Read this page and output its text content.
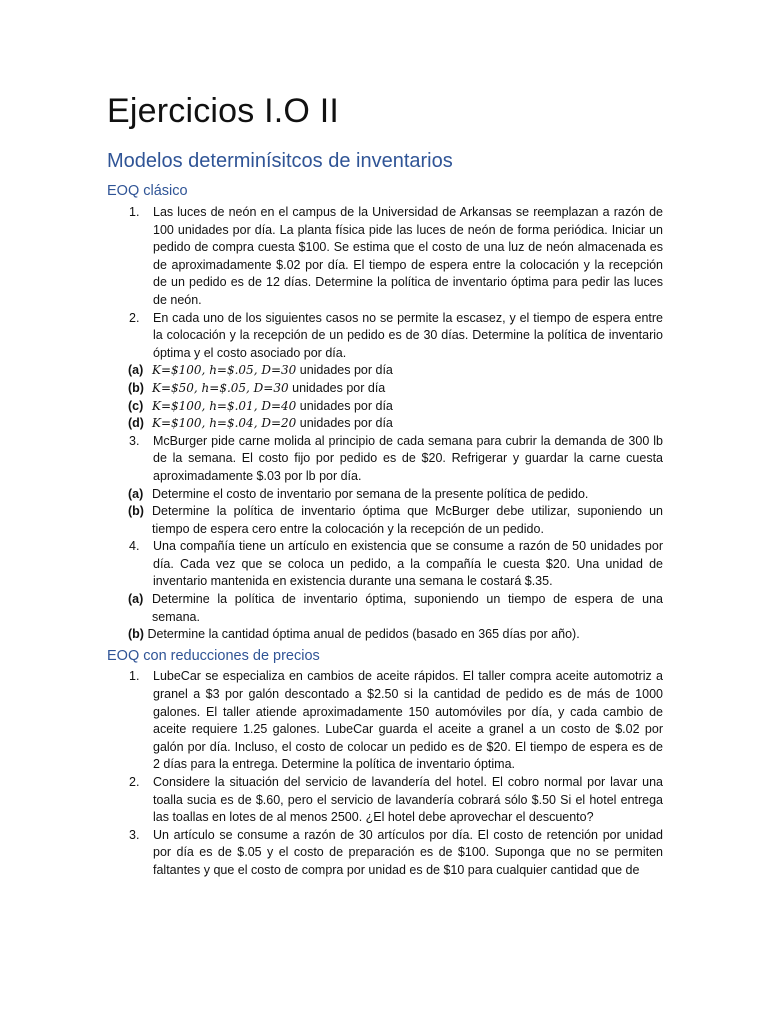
Ejercicios I.O II
Modelos determinísitcos de inventarios
EOQ clásico
1. Las luces de neón en el campus de la Universidad de Arkansas se reemplazan a razón de 100 unidades por día. La planta física pide las luces de neón de forma periódica. Iniciar un pedido de compra cuesta $100. Se estima que el costo de una luz de neón almacenada es de aproximadamente $.02 por día. El tiempo de espera entre la colocación y la recepción de un pedido es de 12 días. Determine la política de inventario óptima para pedir las luces de neón.
2. En cada uno de los siguientes casos no se permite la escasez, y el tiempo de espera entre la colocación y la recepción de un pedido es de 30 días. Determine la política de inventario óptima y el costo asociado por día.
(a) K=$100, h=$.05, D=30 unidades por día
(b) K=$50, h=$.05, D=30 unidades por día
(c) K=$100, h=$.01, D=40 unidades por día
(d) K=$100, h=$.04, D=20 unidades por día
3. McBurger pide carne molida al principio de cada semana para cubrir la demanda de 300 lb de la semana. El costo fijo por pedido es de $20. Refrigerar y guardar la carne cuesta aproximadamente $.03 por lb por día.
(a) Determine el costo de inventario por semana de la presente política de pedido.
(b) Determine la política de inventario óptima que McBurger debe utilizar, suponiendo un tiempo de espera cero entre la colocación y la recepción de un pedido.
4. Una compañía tiene un artículo en existencia que se consume a razón de 50 unidades por día. Cada vez que se coloca un pedido, a la compañía le cuesta $20. Una unidad de inventario mantenida en existencia durante una semana le costará $.35.
(a) Determine la política de inventario óptima, suponiendo un tiempo de espera de una semana.
(b) Determine la cantidad óptima anual de pedidos (basado en 365 días por año).
EOQ con reducciones de precios
1. LubeCar se especializa en cambios de aceite rápidos. El taller compra aceite automotriz a granel a $3 por galón descontado a $2.50 si la cantidad de pedido es de más de 1000 galones. El taller atiende aproximadamente 150 automóviles por día, y cada cambio de aceite requiere 1.25 galones. LubeCar guarda el aceite a granel a un costo de $.02 por galón por día. Incluso, el costo de colocar un pedido es de $20. El tiempo de espera es de 2 días para la entrega. Determine la política de inventario óptima.
2. Considere la situación del servicio de lavandería del hotel. El cobro normal por lavar una toalla sucia es de $.60, pero el servicio de lavandería cobrará sólo $.50 Si el hotel entrega las toallas en lotes de al menos 2500. ¿El hotel debe aprovechar el descuento?
3. Un artículo se consume a razón de 30 artículos por día. El costo de retención por unidad por día es de $.05 y el costo de preparación es de $100. Suponga que no se permiten faltantes y que el costo de compra por unidad es de $10 para cualquier cantidad que de
